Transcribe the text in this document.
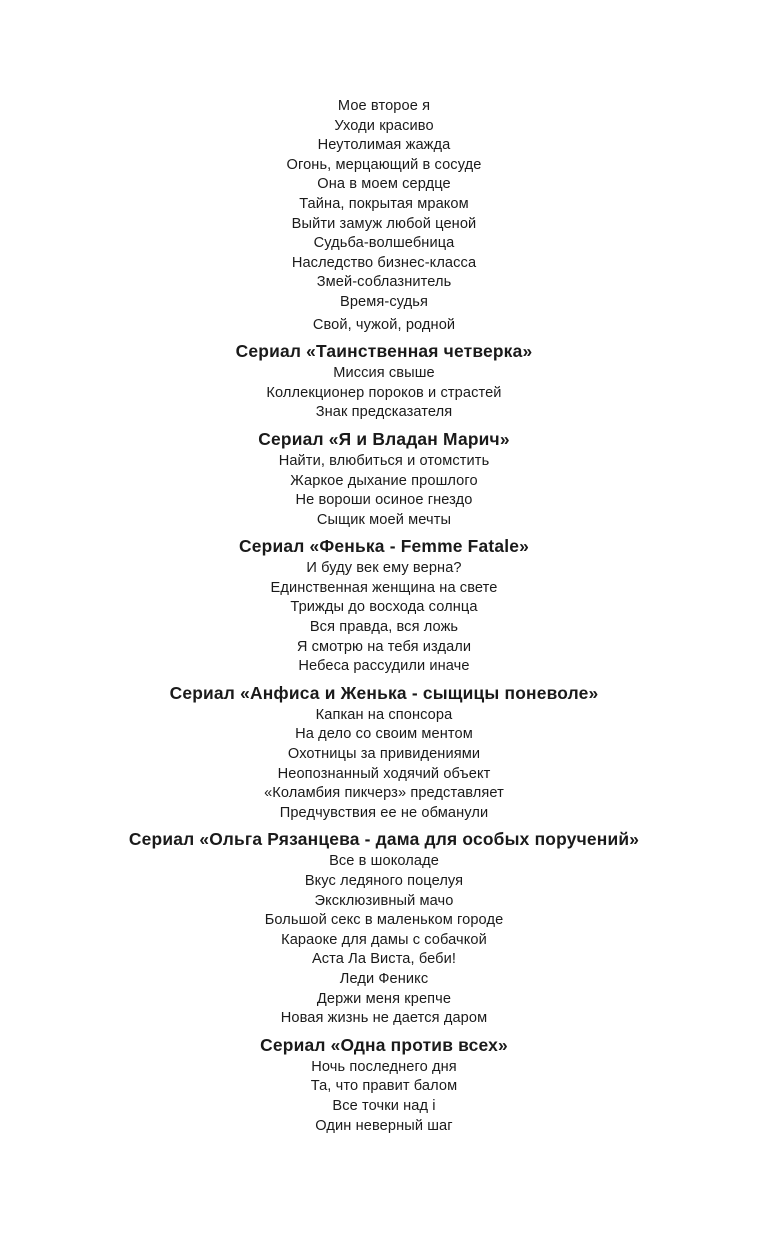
Мое второе я
Уходи красиво
Неутолимая жажда
Огонь, мерцающий в сосуде
Она в моем сердце
Тайна, покрытая мраком
Выйти замуж любой ценой
Судьба-волшебница
Наследство бизнес-класса
Змей-соблазнитель
Время-судья
Свой, чужой, родной
Сериал «Таинственная четверка»
Миссия свыше
Коллекционер пороков и страстей
Знак предсказателя
Сериал «Я и Владан Марич»
Найти, влюбиться и отомстить
Жаркое дыхание прошлого
Не вороши осиное гнездо
Сыщик моей мечты
Сериал «Фенька - Femme Fatale»
И буду век ему верна?
Единственная женщина на свете
Трижды до восхода солнца
Вся правда, вся ложь
Я смотрю на тебя издали
Небеса рассудили иначе
Сериал «Анфиса и Женька - сыщицы поневоле»
Капкан на спонсора
На дело со своим ментом
Охотницы за привидениями
Неопознанный ходячий объект
«Коламбия пикчерз» представляет
Предчувствия ее не обманули
Сериал «Ольга Рязанцева - дама для особых поручений»
Все в шоколаде
Вкус ледяного поцелуя
Эксклюзивный мачо
Большой секс в маленьком городе
Караоке для дамы с собачкой
Аста Ла Виста, беби!
Леди Феникс
Держи меня крепче
Новая жизнь не дается даром
Сериал «Одна против всех»
Ночь последнего дня
Та, что правит балом
Все точки над i
Один неверный шаг
